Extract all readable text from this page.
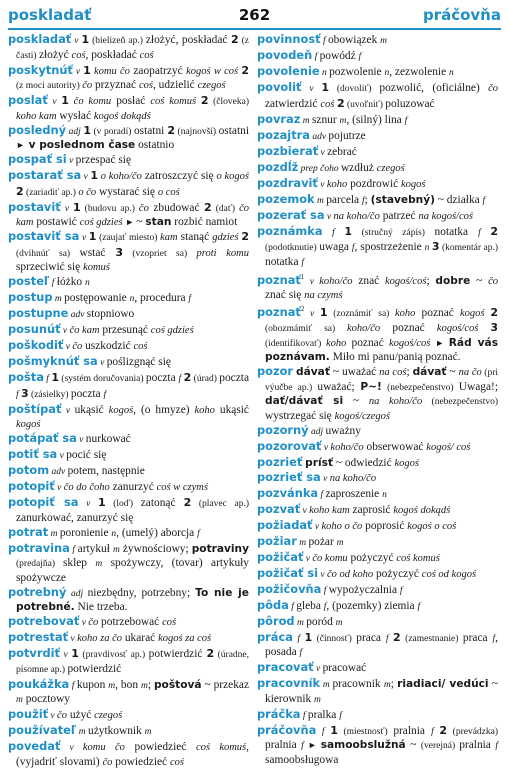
poskladať	262	práčovňa

poskladať v 1 (bielizeň ap.) złożyć, poskładać 2 (z časti) złożyć coś, poskładać coś

poskytnúť v 1 komu čo zaopatrzyć kogoś w coś 2 (z moci autority) čo przyznać coś, udzielić czegoś

poslať v 1 čo komu posłać coś komuś 2 (človeka) koho kam wysłać kogoś dokądś

posledný adj 1 (v poradí) ostatni 2 (najnovší) ostatni ► v poslednom čase ostatnio

pospať si v przespać się

postarať sa v 1 o koho/čo zatroszczyć się o kogoś 2 (zariadiť ap.) o čo wystarać się o coś

postaviť v 1 (budovu ap.) čo zbudować 2 (dať) čo kam postawić coś gdzieś ► ~ stan rozbić namiot

postaviť sa v 1 (zaujať miesto) kam stanąć gdzieś 2 (dvihnúť sa) wstać 3 (vzopriet sa) proti komu sprzeciwić się komuś

posteľ f łóżko n

postup m postępowanie n, procedura f

postupne adv stopniowo

posunúť v čo kam przesunąć coś gdzieś

poškodiť v čo uszkodzić coś

pošmyknúť sa v poślizgnąć się

pošta f 1 (systém doručovania) poczta f 2 (úrad) poczta f 3 (zásielky) poczta f

poštípať v ukąsić kogoś, (o hmyze) koho ukąsić kogoś

potápať sa v nurkować

potiť sa v pocić się

potom adv potem, następnie

potopiť v čo do čoho zanurzyć coś w czymś

potopiť sa v 1 (loď) zatonąć 2 (plavec ap.) zanurkować, zanurzyć się

potrat m poronienie n, (umelý) aborcja f

potravina f artykuł m żywnościowy; potraviny (predajňa) sklep m spożywczy, (tovar) artykuły spożywcze

potrebný adj niezbędny, potrzebny; To nie je potrebné. Nie trzeba.

potrebovať v čo potrzebować coś

potrestať v koho za čo ukarać kogoś za coś

potvrdiť v 1 (pravdivosť ap.) potwierdzić 2 (úradne, písomne ap.) potwierdzić

poukážka f kupon m, bon m; poštová ~ przekaz m pocztowy

použiť v čo użyć czegoś

používateľ m użytkownik m

povedať v komu čo powiedzieć coś komuś, (vyjadriť slovami) čo powiedzieć coś

povinnosť f obowiązek m

povodeň f powódź f

povolenie n pozwolenie n, zezwolenie n

povoliť v 1 (dovoliť) pozwolić, (oficiálne) čo zatwierdzić coś 2 (uvoľniť) poluzować

povraz m sznur m, (silný) lina f

pozajtra adv pojutrze

pozbierať v zebrać

pozdĺž prep čoho wzdłuż czegoś

pozdraviť v koho pozdrowić kogoś

pozemok m parcela f; (stavebný) ~ działka f

pozerať sa v na koho/čo patrzeć na kogoś/coś

poznámka f 1 (stručný zápis) notatka f 2 (podotknutie) uwaga f, spostrzeżenie n 3 (komentár ap.) notatka f

poznať$^1$ v koho/čo znać kogoś/coś; dobre ~ čo znać się na czymś

poznať$^2$ v 1 (zoznámiť sa) koho poznać kogoś 2 (obozmámiť sa) koho/čo poznać kogoś/coś 3 (identifikovať) koho poznać kogoś/coś ► Rád vás poznávam. Miło mi panu/panią poznać.

pozor dávať ~ uważać na coś; dávať ~ na čo (pri výučbe ap.) uważać; P~! (nebezpečenstvo) Uwaga!; dať/dávať si ~ na koho/čo (nebezpečenstvo) wystrzegać się kogoś/czegoś

pozorný adj uważny

pozorovať v koho/čo obserwować kogoś/ coś

pozrieť prísť ~ odwiedzić kogoś

pozrieť sa v na koho/čo

pozvánka f zaproszenie n

pozvať v koho kam zaprosić kogoś dokądś

požiadať v koho o čo poprosić kogoś o coś

požiar m pożar m

požičať v čo komu pożyczyć coś komuś

požičať si v čo od koho pożyczyć coś od kogoś

požičovňa f wypożyczalnia f

pôda f gleba f, (pozemky) ziemia f

pôrod m poród m

práca f 1 (činnosť) praca f 2 (zamestnanie) praca f, posada f

pracovať v pracować

pracovník m pracownik m; riadiaci/ vedúci ~ kierownik m

práčka f pralka f

práčovňa f 1 (miestnosť) pralnia f 2 (prevádzka) pralnia f ► samoobslužná ~ (verejná) pralnia f samoobsługowa
